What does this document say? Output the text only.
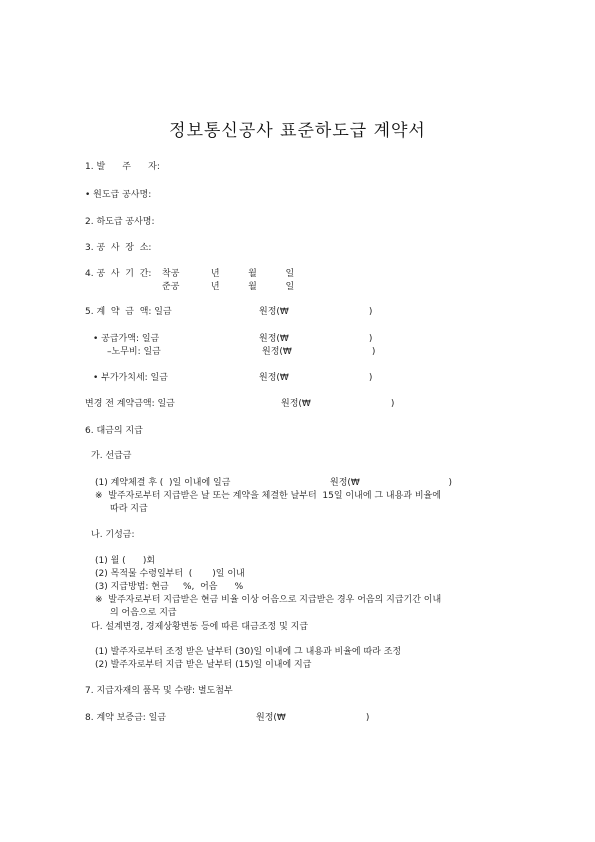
정보통신공사 표준하도급 계약서
1. 발      주      자:
• 원도급 공사명:
2. 하도급 공사명:
3. 공  사  장  소:
4. 공  사  기  간: 착공           년          월          일
준공           년          월          일
5. 계  약  금  액: 일금	원정(₩                            )
• 공급가액: 일금	원정(₩                            )
–노무비: 일금	원정(₩                            )
• 부가가치세: 일금	원정(₩                            )
변경 전 계약금액: 일금	원정(₩                            )
6. 대금의 지급
가. 선급금
(1) 계약체결 후 (  )일 이내에 일금	원정(₩                               )
※  발주자로부터 지급받은 날 또는 계약을 체결한 날부터  15일 이내에 그 내용과 비율에
따라 지급
나. 기성금:
(1) 월 (      )회
(2) 목적물 수령일부터  (       )일 이내
(3) 지급방법: 현금     %,  어음      %
※  발주자로부터 지급받은 현금 비율 이상 어음으로 지급받은 경우 어음의 지급기간 이내
의 어음으로 지급
다. 설계변경, 경제상황변동 등에 따른 대금조정 및 지급
(1) 발주자로부터 조정 받은 날부터 (30)일 이내에 그 내용과 비율에 따라 조정
(2) 발주자로부터 지급 받은 날부터 (15)일 이내에 지급
7. 지급자재의 품목 및 수량: 별도첨부
8. 계약 보증금: 일금	원정(₩                            )
